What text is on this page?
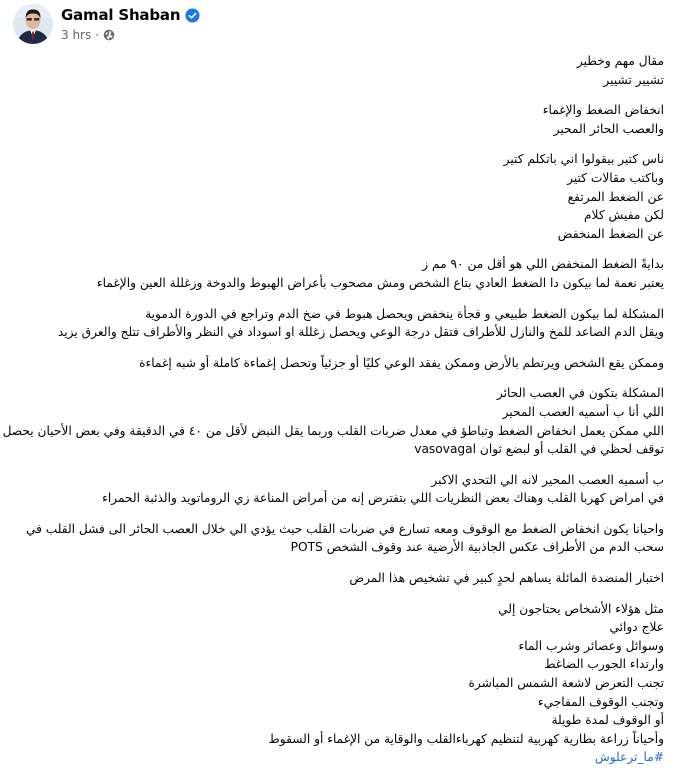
Gamal Shaban
3 hrs ·
مقال مهم وخطير
تشيير تشيير
انخفاض الضغط والإغماء
والعصب الحائر المحير
ناس كتير بيقولوا اني باتكلم كتير
وباكتب مقالات كتير
عن الضغط المرتفع
لكن مفيش كلام
عن الضغط المنخفض
بدايةً الضغط المنخفض اللي هو أقل من ٩٠ مم ز
يعتبر نعمة لما بيكون دا الضغط العادي بتاع الشخص ومش مصحوب بأعراض الهبوط والدوخة وزغللة العين والإغماء
المشكلة لما بيكون الضغط طبيعي و فجأة ينخفض ويحصل هبوط في ضخ الدم وتراجع في الدورة الدموية
ويقل الدم الصاعد للمخ والنازل للأطراف فتقل درجة الوعي ويحصل زغللة او اسوداد في النظر والأطراف تتلج والعرق يزيد
وممكن يقع الشخص ويرتطم بالأرض وممكن يفقد الوعي كليًا أو جزئياً وتحصل إغماءة كاملة أو شبه إغماءة
المشكلة بتكون في العصب الحائر
اللي أنا ب أسميه العصب المحير
اللي ممكن يعمل انخفاض الضغط وتباطؤ في معدل ضربات القلب وربما يقل النبض لأقل من ٤٠ في الدقيقة وفي بعض الأحيان يحصل
توقف لحظي في القلب أو لبضع ثوان vasovagal
ب أسميه العصب المحير لانه الي التحدي الاكبر
في امراض كهربا القلب وهناك بعض النظريات اللي بتفترض إنه من أمراض المناعة زي الروماتويد والذئبة الحمراء
واحيانا يكون انخفاض الضغط مع الوقوف ومعه تسارع في ضربات القلب حيث يؤدي الي خلال العصب الحائر الى فشل القلب في
سحب الدم من الأطراف عكس الجاذبية الأرضية عند وقوف الشخص POTS
اختبار المنضدة المائلة يساهم لحدٍ كبير في تشخيص هذا المرض
مثل هؤلاء الأشخاص يحتاجون إلي
علاج دوائي
وسوائل وعصائر وشرب الماء
وارتداء الجورب الضاغط
تجنب التعرض لاشعة الشمس المباشرة
وتجنب الوقوف المفاجيء
أو الوقوف لمدة طويلة
وأحياناً زراعة بطارية كهربية لتنظيم كهرباءالقلب والوقاية من الإغماء أو السقوط
#ما_ترعلوش
